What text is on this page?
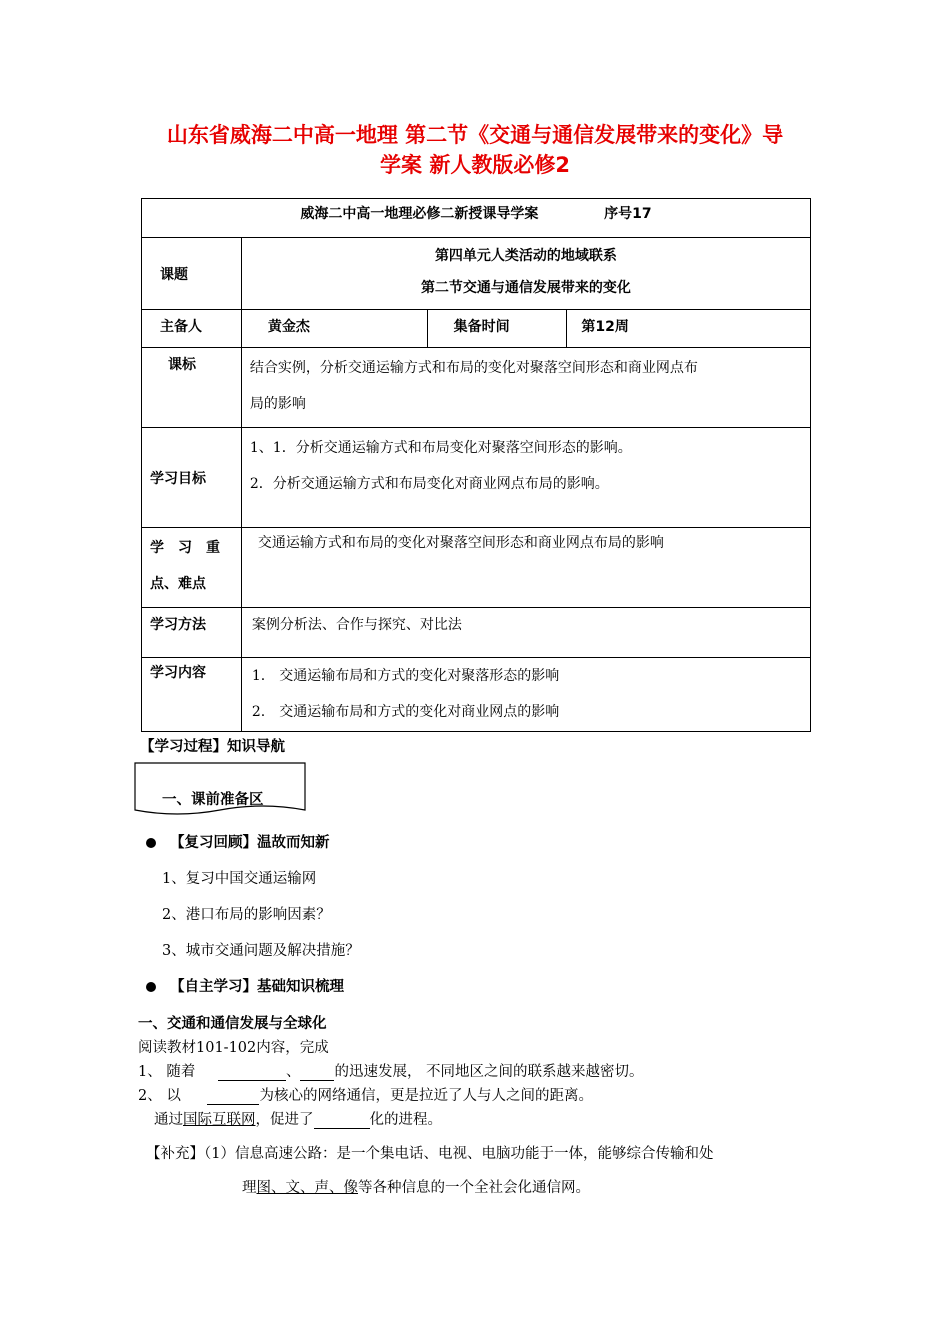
山东省威海二中高一地理 第二节《交通与通信发展带来的变化》导
学案 新人教版必修2
威海二中高一地理必修二新授课导学案 序号17			
课题	第四单元人类活动的地域联系
第二节交通与通信发展带来的变化		

主备人	黄金杰	集备时间	第12周
课标	结合实例，分析交通运输方式和布局的变化对聚落空间形态和商业网点布
局的影响		

学习目标	1、1．分析交通运输方式和布局变化对聚落空间形态的影响。
2．分析交通运输方式和布局变化对商业网点布局的影响。		

学　习　重
点、难点	交通运输方式和布局的变化对聚落空间形态和商业网点布局的影响		
学习方法	案例分析法、合作与探究、对比法		
学习内容	1.　交通运输布局和方式的变化对聚落形态的影响
2.　交通运输布局和方式的变化对商业网点的影响		
【学习过程】知识导航
一、课前准备区
【复习回顾】温故而知新
1、复习中国交通运输网
2、港口布局的影响因素？
3、城市交通问题及解决措施？
【自主学习】基础知识梳理
一、交通和通信发展与全球化
阅读教材101-102内容，完成
1、 随着	、 的迅速发展， 不同地区之间的联系越来越密切。
2、 以	为核心的网络通信，更是拉近了人与人之间的距离。
通过国际互联网，促进了	化的进程。
【补充】（1）信息高速公路：是一个集电话、电视、电脑功能于一体，能够综合传输和处
理图、文、声、像等各种信息的一个全社会化通信网。
